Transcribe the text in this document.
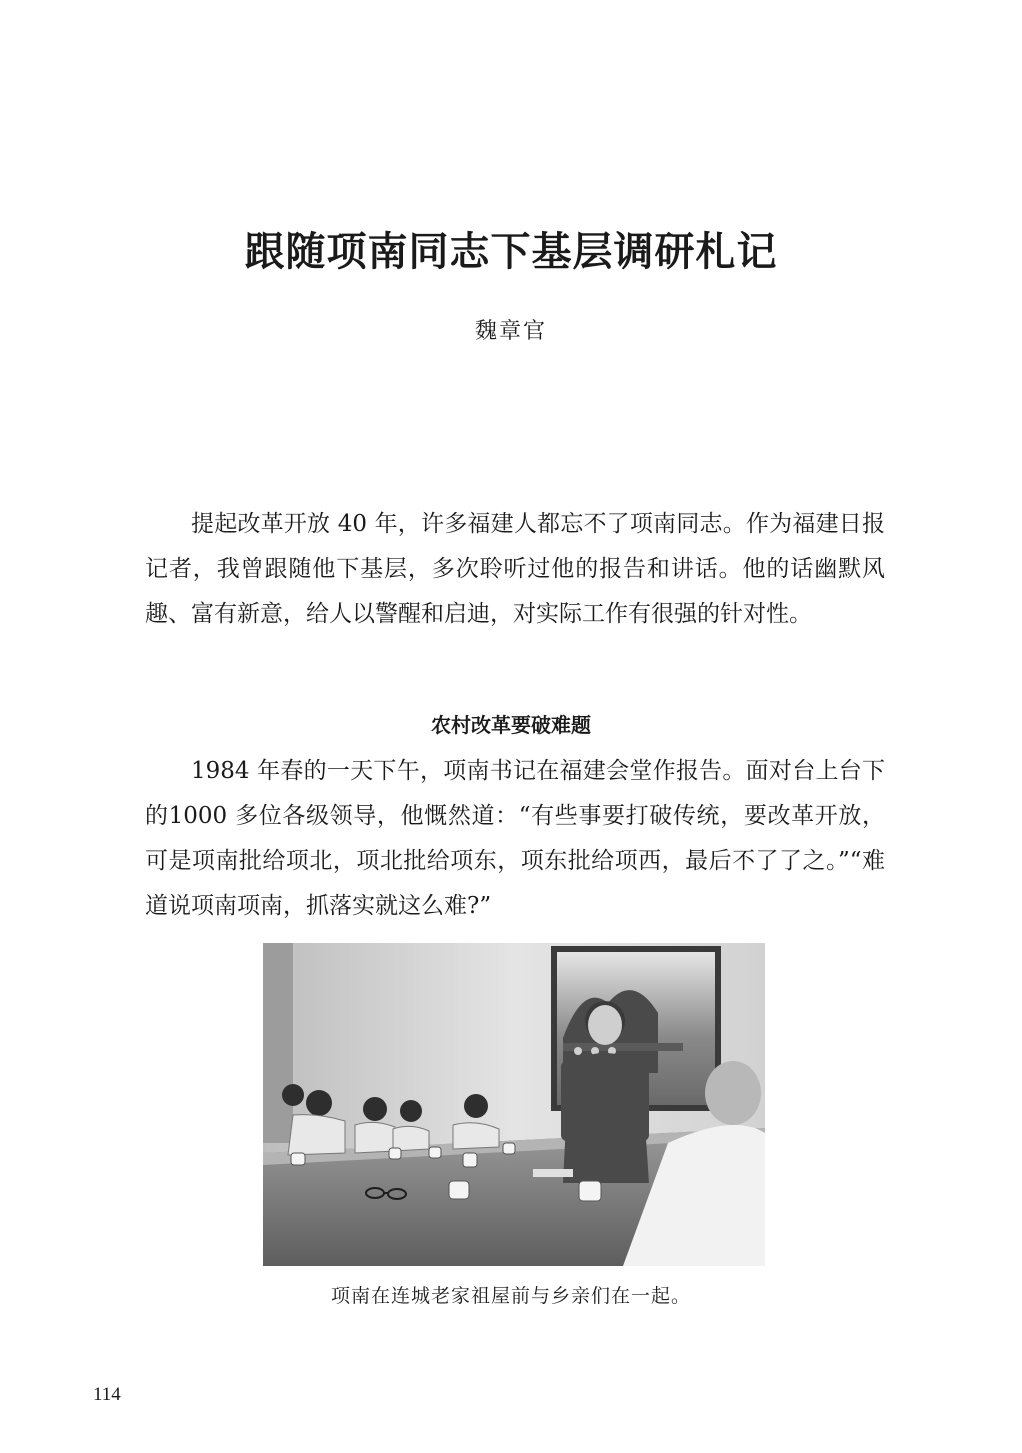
跟随项南同志下基层调研札记
魏章官

提起改革开放 40 年，许多福建人都忘不了项南同志。作为福建日报记者，我曾跟随他下基层，多次聆听过他的报告和讲话。他的话幽默风趣、富有新意，给人以警醒和启迪，对实际工作有很强的针对性。

农村改革要破难题

1984 年春的一天下午，项南书记在福建会堂作报告。面对台上台下的1000 多位各级领导，他慨然道：“有些事要打破传统，要改革开放，可是项南批给项北，项北批给项东，项东批给项西，最后不了了之。”“难道说项南项南，抓落实就这么难?”

项南在连城老家祖屋前与乡亲们在一起。
114
